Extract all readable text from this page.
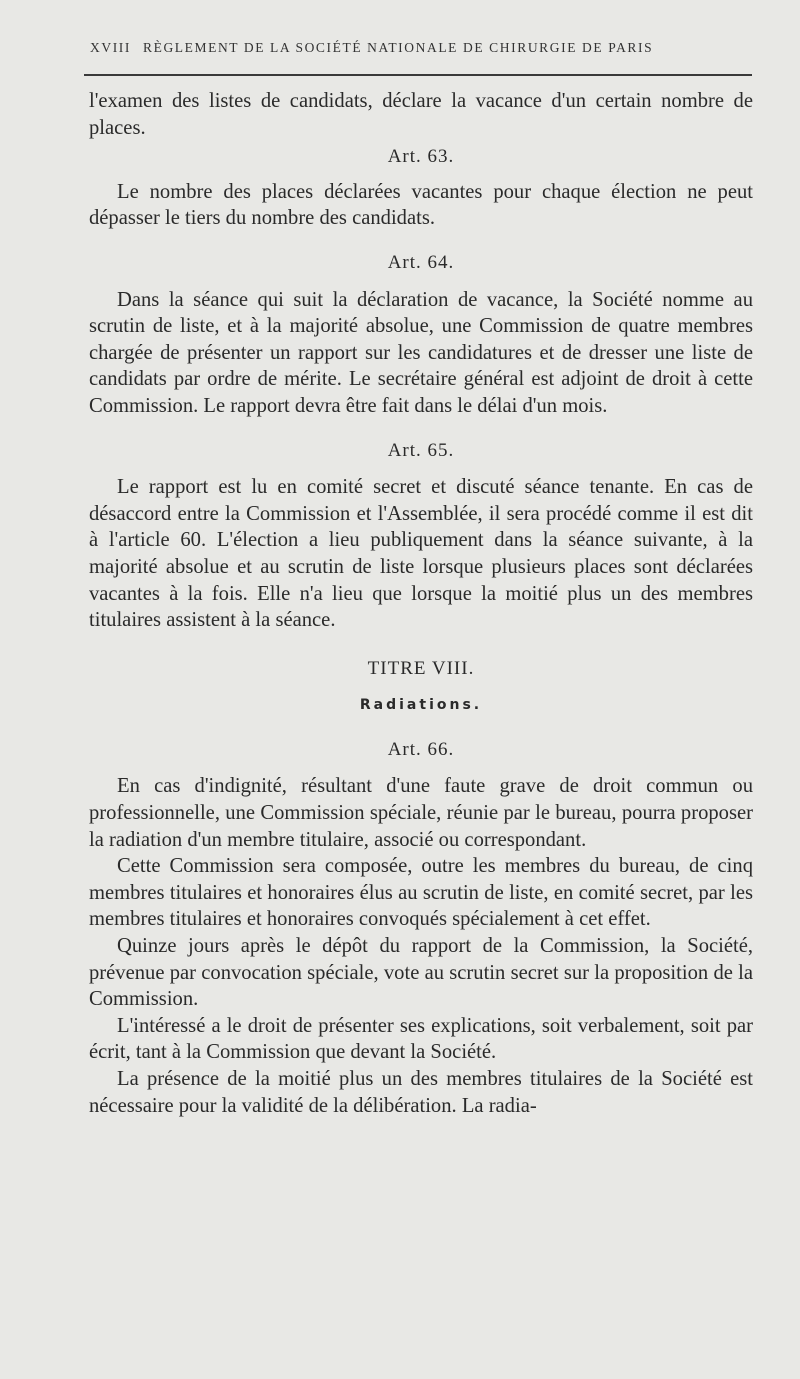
XVIII RÈGLEMENT DE LA SOCIÉTÉ NATIONALE DE CHIRURGIE DE PARIS

l'examen des listes de candidats, déclare la vacance d'un certain nombre de places.

Art. 63.

Le nombre des places déclarées vacantes pour chaque élection ne peut dépasser le tiers du nombre des candidats.

Art. 64.

Dans la séance qui suit la déclaration de vacance, la Société nomme au scrutin de liste, et à la majorité absolue, une Commission de quatre membres chargée de présenter un rapport sur les candidatures et de dresser une liste de candidats par ordre de mérite. Le secrétaire général est adjoint de droit à cette Commission. Le rapport devra être fait dans le délai d'un mois.

Art. 65.

Le rapport est lu en comité secret et discuté séance tenante. En cas de désaccord entre la Commission et l'Assemblée, il sera procédé comme il est dit à l'article 60. L'élection a lieu publiquement dans la séance suivante, à la majorité absolue et au scrutin de liste lorsque plusieurs places sont déclarées vacantes à la fois. Elle n'a lieu que lorsque la moitié plus un des membres titulaires assistent à la séance.

TITRE VIII.
Radiations.
Art. 66.

En cas d'indignité, résultant d'une faute grave de droit commun ou professionnelle, une Commission spéciale, réunie par le bureau, pourra proposer la radiation d'un membre titulaire, associé ou correspondant.

Cette Commission sera composée, outre les membres du bureau, de cinq membres titulaires et honoraires élus au scrutin de liste, en comité secret, par les membres titulaires et honoraires convoqués spécialement à cet effet.

Quinze jours après le dépôt du rapport de la Commission, la Société, prévenue par convocation spéciale, vote au scrutin secret sur la proposition de la Commission.

L'intéressé a le droit de présenter ses explications, soit verbalement, soit par écrit, tant à la Commission que devant la Société.

La présence de la moitié plus un des membres titulaires de la Société est nécessaire pour la validité de la délibération. La radia-
